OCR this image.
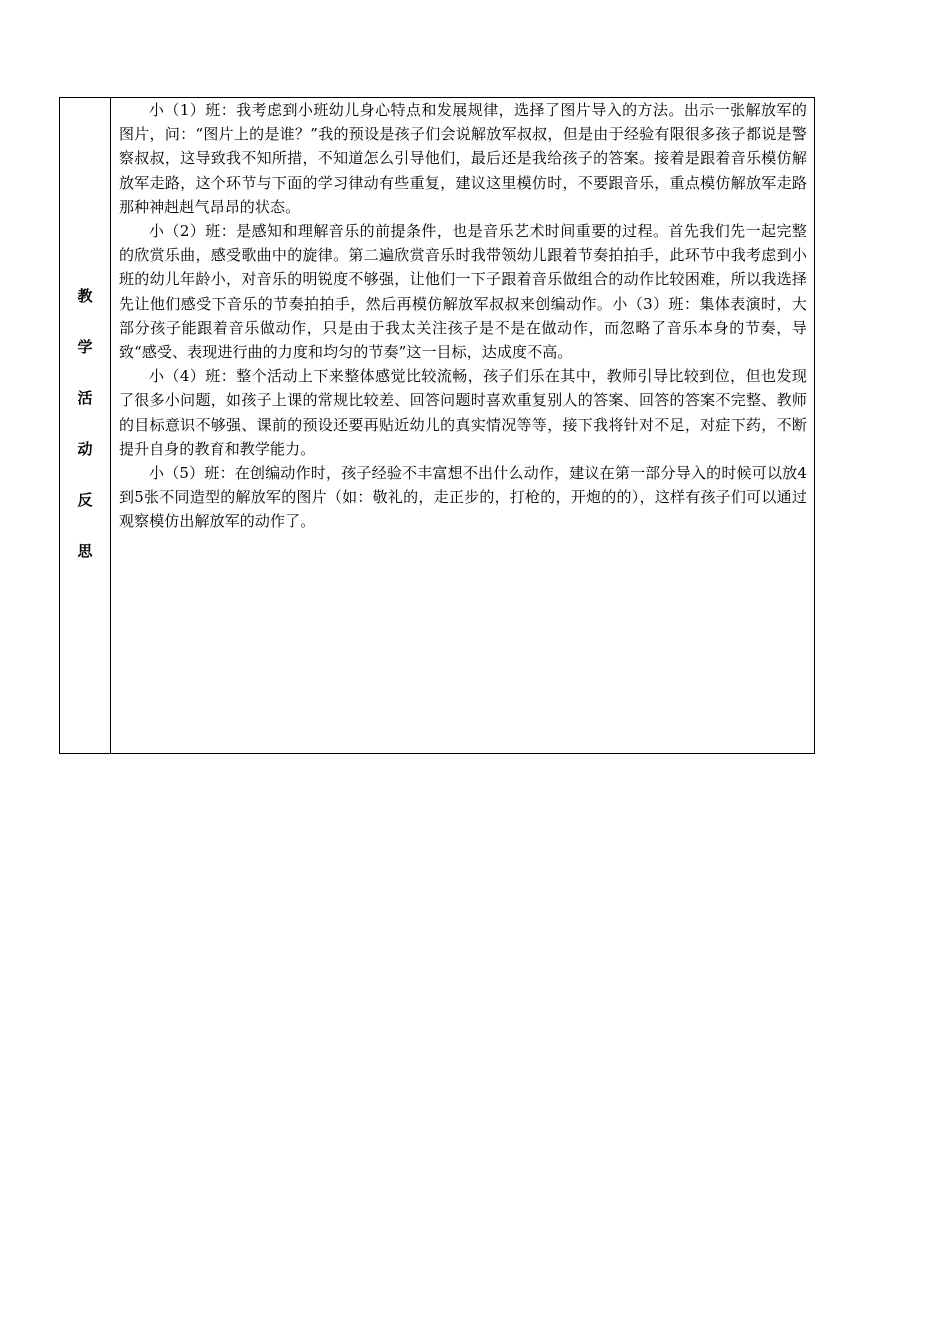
教
学
活
动
反
思

小（1）班：我考虑到小班幼儿身心特点和发展规律，选择了图片导入的方法。出示一张解放军的图片，问：“图片上的是谁？”我的预设是孩子们会说解放军叔叔，但是由于经验有限很多孩子都说是警察叔叔，这导致我不知所措，不知道怎么引导他们，最后还是我给孩子的答案。接着是跟着音乐模仿解放军走路，这个环节与下面的学习律动有些重复，建议这里模仿时，不要跟音乐，重点模仿解放军走路那种神赳赳气昂昂的状态。

小（2）班：是感知和理解音乐的前提条件，也是音乐艺术时间重要的过程。首先我们先一起完整的欣赏乐曲，感受歌曲中的旋律。第二遍欣赏音乐时我带领幼儿跟着节奏拍拍手，此环节中我考虑到小班的幼儿年龄小，对音乐的明锐度不够强，让他们一下子跟着音乐做组合的动作比较困难，所以我选择先让他们感受下音乐的节奏拍拍手，然后再模仿解放军叔叔来创编动作。小（3）班：集体表演时，大部分孩子能跟着音乐做动作，只是由于我太关注孩子是不是在做动作，而忽略了音乐本身的节奏，导致“感受、表现进行曲的力度和均匀的节奏”这一目标，达成度不高。

小（4）班：整个活动上下来整体感觉比较流畅，孩子们乐在其中，教师引导比较到位，但也发现了很多小问题，如孩子上课的常规比较差、回答问题时喜欢重复别人的答案、回答的答案不完整、教师的目标意识不够强、课前的预设还要再贴近幼儿的真实情况等等，接下我将针对不足，对症下药，不断提升自身的教育和教学能力。

小（5）班：在创编动作时，孩子经验不丰富想不出什么动作，建议在第一部分导入的时候可以放4到5张不同造型的解放军的图片（如：敬礼的，走正步的，打枪的，开炮的的），这样有孩子们可以通过观察模仿出解放军的动作了。
